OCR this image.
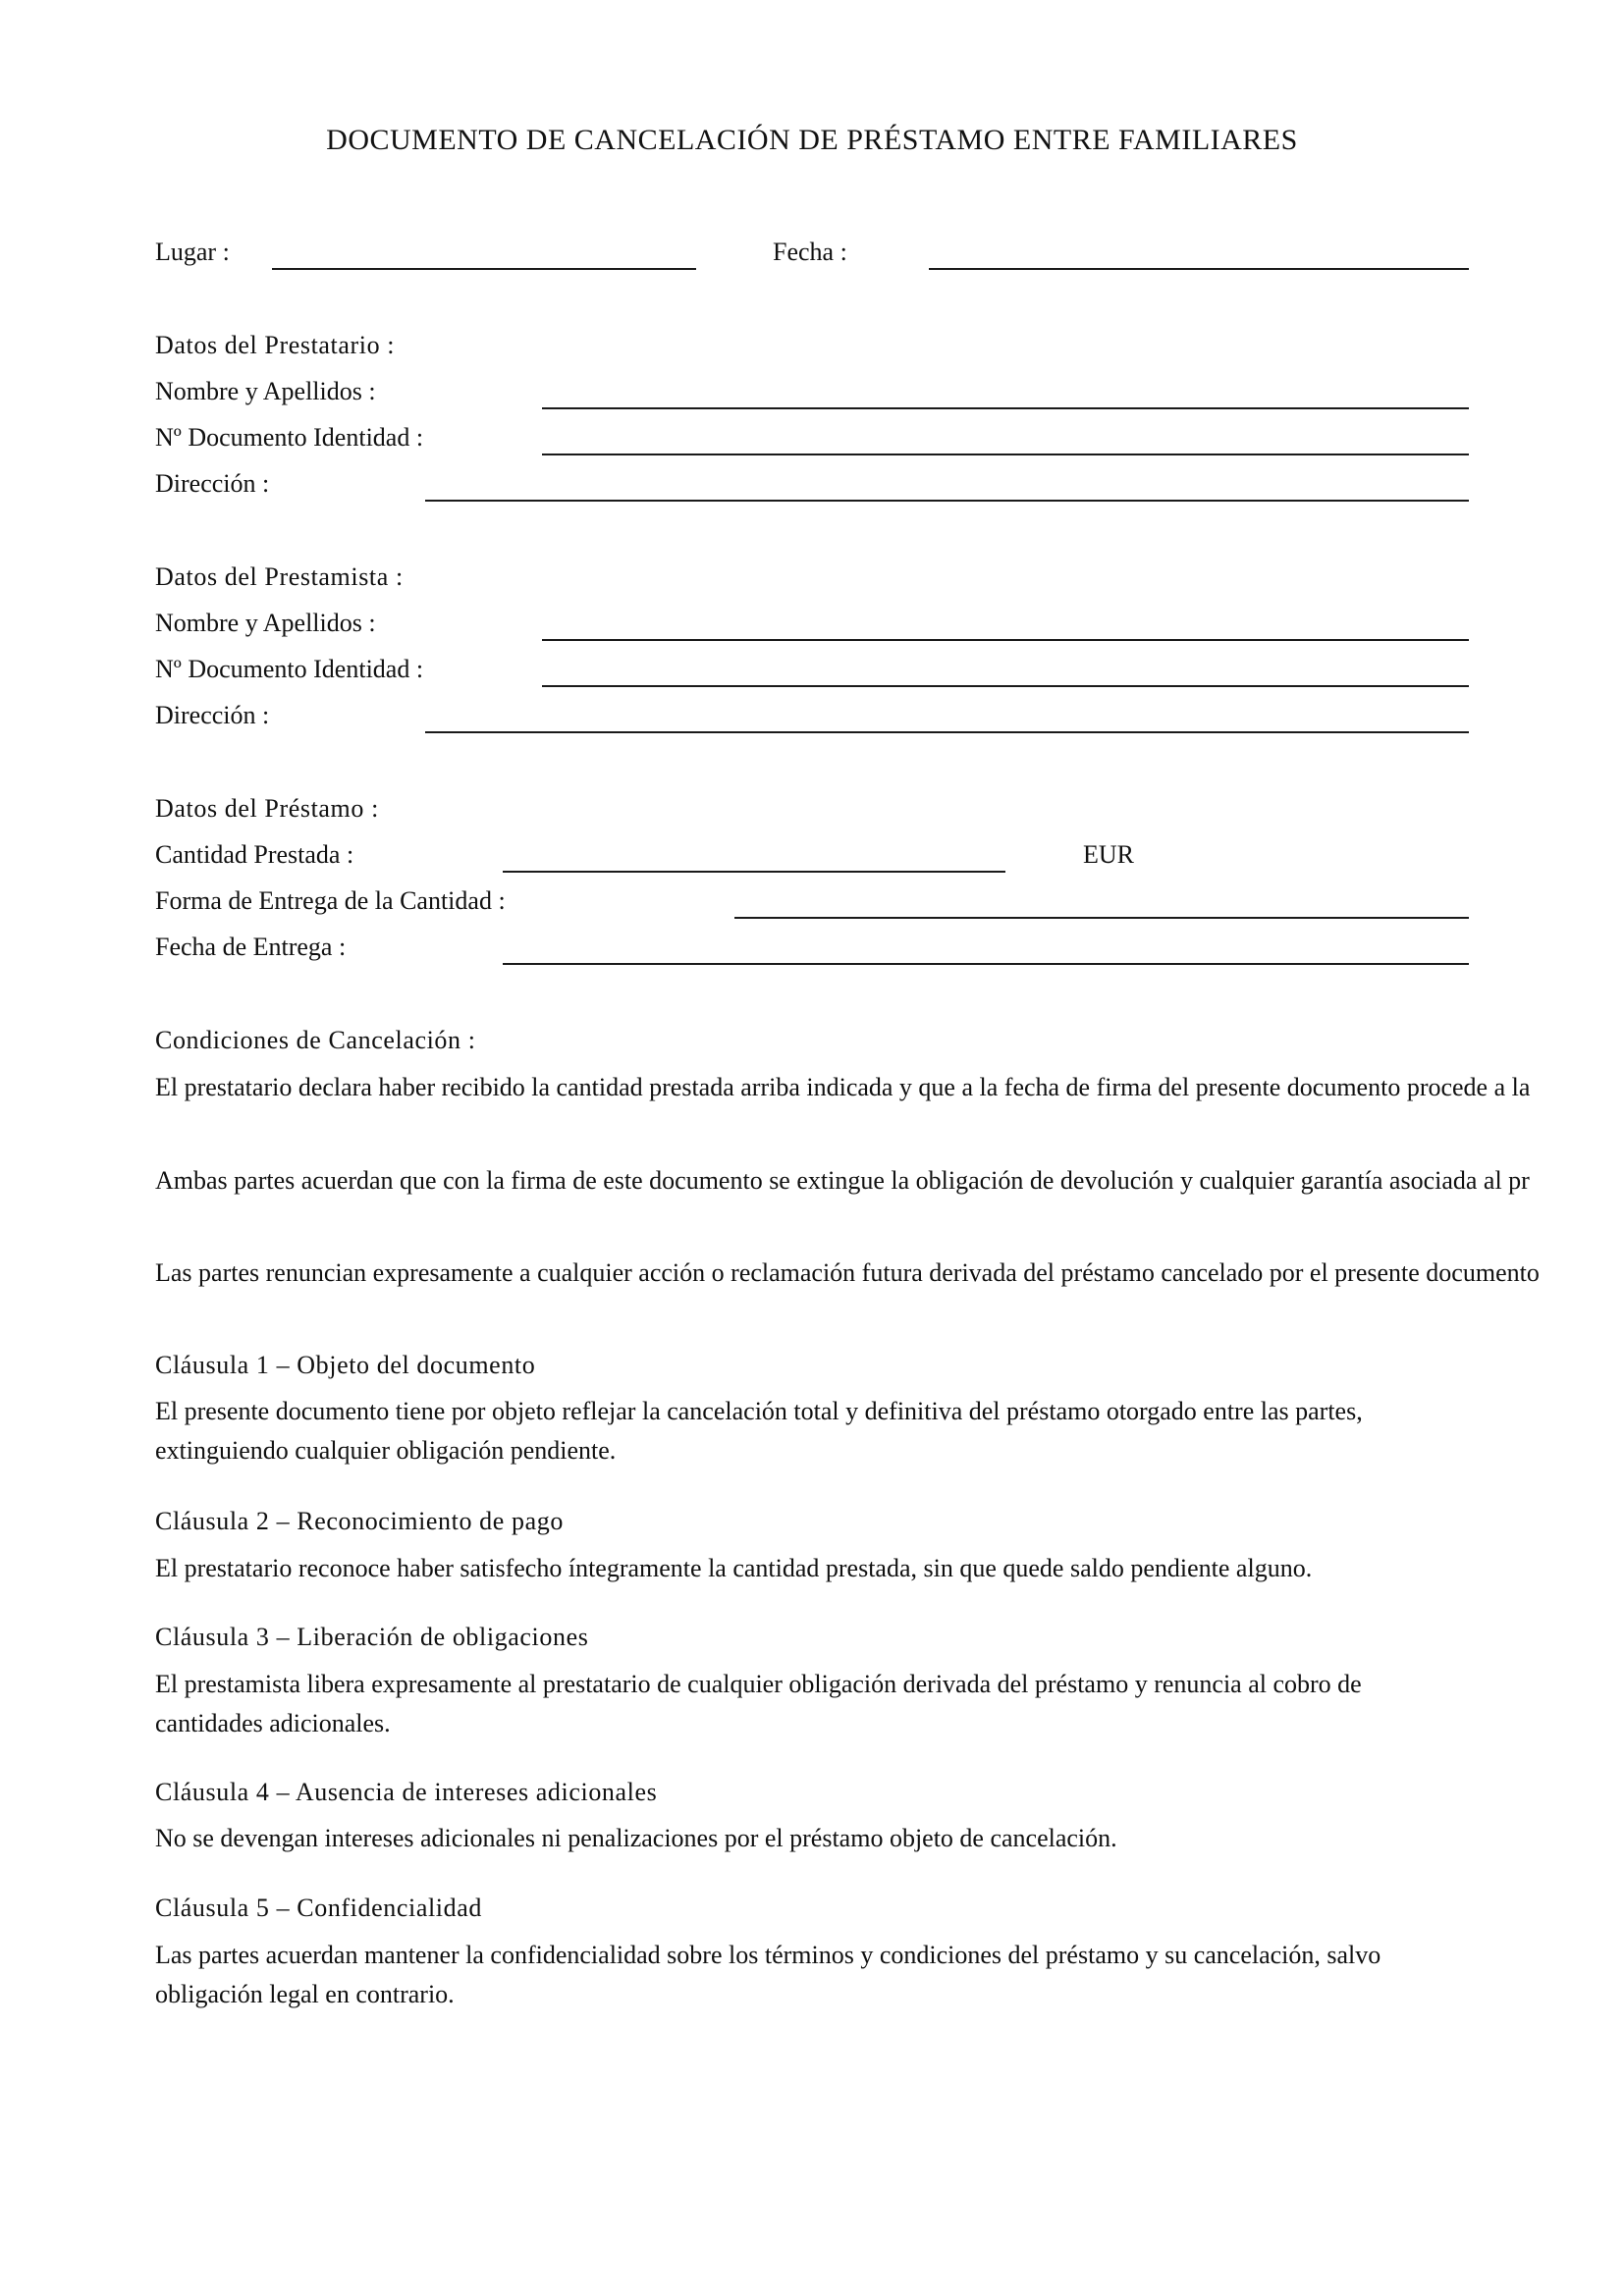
DOCUMENTO DE CANCELACIÓN DE PRÉSTAMO ENTRE FAMILIARES
Lugar :	Fecha :
Datos del Prestatario :
Nombre y Apellidos :
Nº Documento Identidad :
Dirección :
Datos del Prestamista :
Nombre y Apellidos :
Nº Documento Identidad :
Dirección :
Datos del Préstamo :
Cantidad Prestada :	EUR
Forma de Entrega de la Cantidad :
Fecha de Entrega :
Condiciones de Cancelación :
El prestatario declara haber recibido la cantidad prestada arriba indicada y que a la fecha de firma del presente documento procede a la
Ambas partes acuerdan que con la firma de este documento se extingue la obligación de devolución y cualquier garantía asociada al pr
Las partes renuncian expresamente a cualquier acción o reclamación futura derivada del préstamo cancelado por el presente documento
Cláusula 1 – Objeto del documento
El presente documento tiene por objeto reflejar la cancelación total y definitiva del préstamo otorgado entre las partes, extinguiendo cualquier obligación pendiente.
Cláusula 2 – Reconocimiento de pago
El prestatario reconoce haber satisfecho íntegramente la cantidad prestada, sin que quede saldo pendiente alguno.
Cláusula 3 – Liberación de obligaciones
El prestamista libera expresamente al prestatario de cualquier obligación derivada del préstamo y renuncia al cobro de cantidades adicionales.
Cláusula 4 – Ausencia de intereses adicionales
No se devengan intereses adicionales ni penalizaciones por el préstamo objeto de cancelación.
Cláusula 5 – Confidencialidad
Las partes acuerdan mantener la confidencialidad sobre los términos y condiciones del préstamo y su cancelación, salvo obligación legal en contrario.
